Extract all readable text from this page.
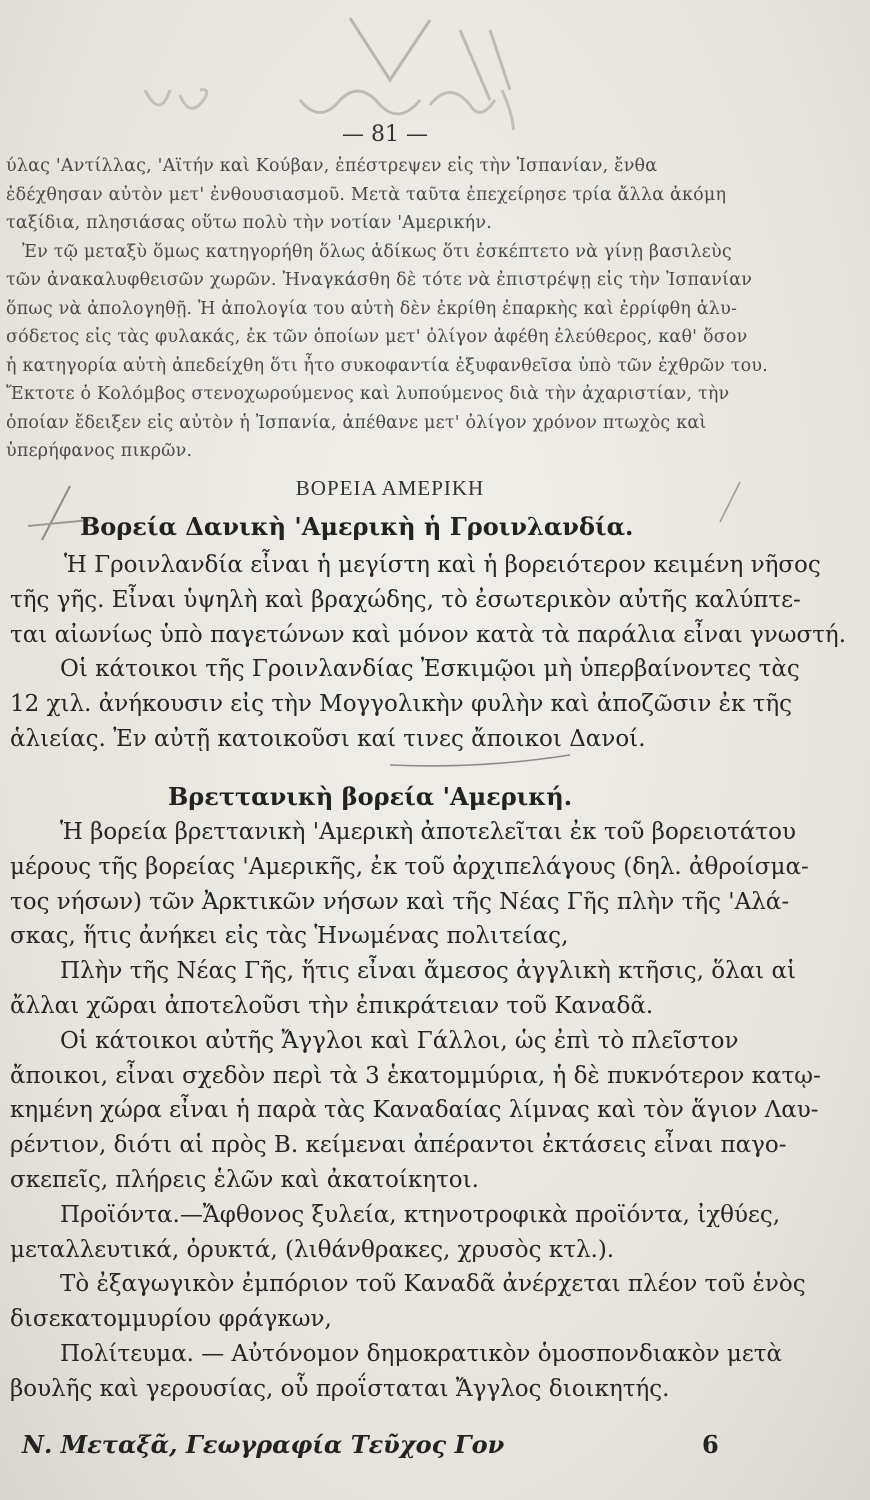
— 81 —

ύλας 'Αντίλλας, 'Αϊτήν καὶ Κούβαν, ἐπέστρεψεν εἰς τὴν Ἰσπανίαν, ἔνθα

ἐδέχθησαν αὐτὸν μετ' ἐνθουσιασμοῦ. Μετὰ ταῦτα ἐπεχείρησε τρία ἄλλα ἀκόμη

ταξίδια, πλησιάσας οὕτω πολὺ τὴν νοτίαν 'Αμερικήν.

Ἐν τῷ μεταξὺ ὅμως κατηγορήθη ὅλως ἀδίκως ὅτι ἐσκέπτετο νὰ γίνῃ βασιλεὺς

τῶν ἀνακαλυφθεισῶν χωρῶν. Ἠναγκάσθη δὲ τότε νὰ ἐπιστρέψῃ εἰς τὴν Ἰσπανίαν

ὅπως νὰ ἀπολογηθῇ. Ἡ ἀπολογία του αὐτὴ δὲν ἐκρίθη ἐπαρκὴς καὶ ἐρρίφθη ἁλυ-

σόδετος εἰς τὰς φυλακάς, ἐκ τῶν ὁποίων μετ' ὀλίγον ἀφέθη ἐλεύθερος, καθ' ὅσον

ἡ κατηγορία αὐτὴ ἀπεδείχθη ὅτι ἦτο συκοφαντία ἐξυφανθεῖσα ὑπὸ τῶν ἐχθρῶν του.

Ἔκτοτε ὁ Κολόμβος στενοχωρούμενος καὶ λυπούμενος διὰ τὴν ἀχαριστίαν, τὴν

ὁποίαν ἔδειξεν εἰς αὐτὸν ἡ Ἰσπανία, ἀπέθανε μετ' ὀλίγον χρόνον πτωχὸς καὶ

ὑπερήφανος πικρῶν.

ΒΟΡΕΙΑ ΑΜΕΡΙΚΗ
Βορεία Δανικὴ 'Αμερικὴ ἡ Γροινλανδία.

Ἡ Γροινλανδία εἶναι ἡ μεγίστη καὶ ἡ βορειότερον κειμένη νῆσος

τῆς γῆς. Εἶναι ὑψηλὴ καὶ βραχώδης, τὸ ἐσωτερικὸν αὐτῆς καλύπτε-

ται αἰωνίως ὑπὸ παγετώνων καὶ μόνον κατὰ τὰ παράλια εἶναι γνωστή.

Οἱ κάτοικοι τῆς Γροινλανδίας Ἐσκιμῷοι μὴ ὑπερβαίνοντες τὰς

12 χιλ. ἀνήκουσιν εἰς τὴν Μογγολικὴν φυλὴν καὶ ἀποζῶσιν ἐκ τῆς

ἁλιείας. Ἐν αὐτῇ κατοικοῦσι καί τινες ἄποικοι Δανοί.

Βρεττανικὴ βορεία 'Αμερική.

Ἡ βορεία βρεττανικὴ 'Αμερικὴ ἀποτελεῖται ἐκ τοῦ βορειοτάτου

μέρους τῆς βορείας 'Αμερικῆς, ἐκ τοῦ ἀρχιπελάγους (δηλ. ἀθροίσμα-

τος νήσων) τῶν Ἀρκτικῶν νήσων καὶ τῆς Νέας Γῆς πλὴν τῆς 'Αλά-

σκας, ἥτις ἀνήκει εἰς τὰς Ἡνωμένας πολιτείας,

Πλὴν τῆς Νέας Γῆς, ἥτις εἶναι ἄμεσος ἀγγλικὴ κτῆσις, ὅλαι αἱ

ἄλλαι χῶραι ἀποτελοῦσι τὴν ἐπικράτειαν τοῦ Καναδᾶ.

Οἱ κάτοικοι αὐτῆς Ἄγγλοι καὶ Γάλλοι, ὡς ἐπὶ τὸ πλεῖστον

ἄποικοι, εἶναι σχεδὸν περὶ τὰ 3 ἑκατομμύρια, ἡ δὲ πυκνότερον κατῳ-

κημένη χώρα εἶναι ἡ παρὰ τὰς Καναδαίας λίμνας καὶ τὸν ἅγιον Λαυ-

ρέντιον, διότι αἱ πρὸς Β. κείμεναι ἀπέραντοι ἐκτάσεις εἶναι παγο-

σκεπεῖς, πλήρεις ἑλῶν καὶ ἀκατοίκητοι.

Προϊόντα.—Ἄφθονος ξυλεία, κτηνοτροφικὰ προϊόντα, ἰχθύες,

μεταλλευτικά, ὀρυκτά, (λιθάνθρακες, χρυσὸς κτλ.).

Τὸ ἐξαγωγικὸν ἐμπόριον τοῦ Καναδᾶ ἀνέρχεται πλέον τοῦ ἑνὸς

δισεκατομμυρίου φράγκων,

Πολίτευμα. — Αὐτόνομον δημοκρατικὸν ὁμοσπονδιακὸν μετὰ

βουλῆς καὶ γερουσίας, οὗ προΐσταται Ἄγγλος διοικητής.

Ν. Μεταξᾶ, Γεωγραφία Τεῦχος Γον	6
